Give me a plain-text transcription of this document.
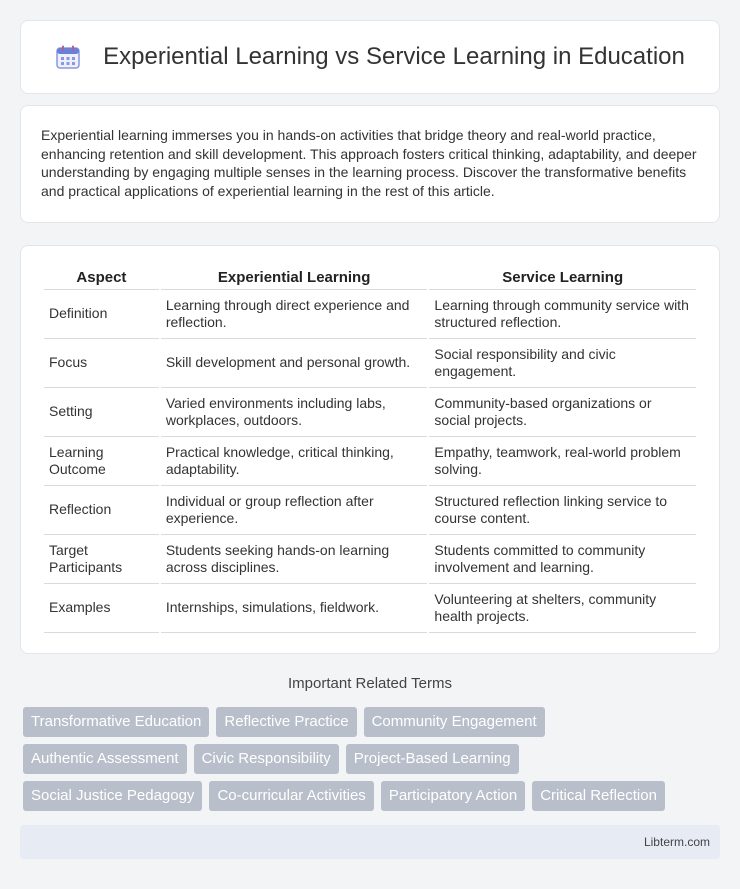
Experiential Learning vs Service Learning in Education

Experiential learning immerses you in hands-on activities that bridge theory and real-world practice, enhancing retention and skill development. This approach fosters critical thinking, adaptability, and deeper understanding by engaging multiple senses in the learning process. Discover the transformative benefits and practical applications of experiential learning in the rest of this article.

Aspect	Experiential Learning	Service Learning
Definition	Learning through direct experience and reflection.	Learning through community service with structured reflection.
Focus	Skill development and personal growth.	Social responsibility and civic engagement.
Setting	Varied environments including labs, workplaces, outdoors.	Community-based organizations or social projects.
Learning Outcome	Practical knowledge, critical thinking, adaptability.	Empathy, teamwork, real-world problem solving.
Reflection	Individual or group reflection after experience.	Structured reflection linking service to course content.
Target Participants	Students seeking hands-on learning across disciplines.	Students committed to community involvement and learning.
Examples	Internships, simulations, fieldwork.	Volunteering at shelters, community health projects.
Important Related Terms
Transformative Education	Reflective Practice	Community Engagement
Authentic Assessment	Civic Responsibility	Project-Based Learning
Social Justice Pedagogy	Co-curricular Activities	Participatory Action	Critical Reflection
Libterm.com
